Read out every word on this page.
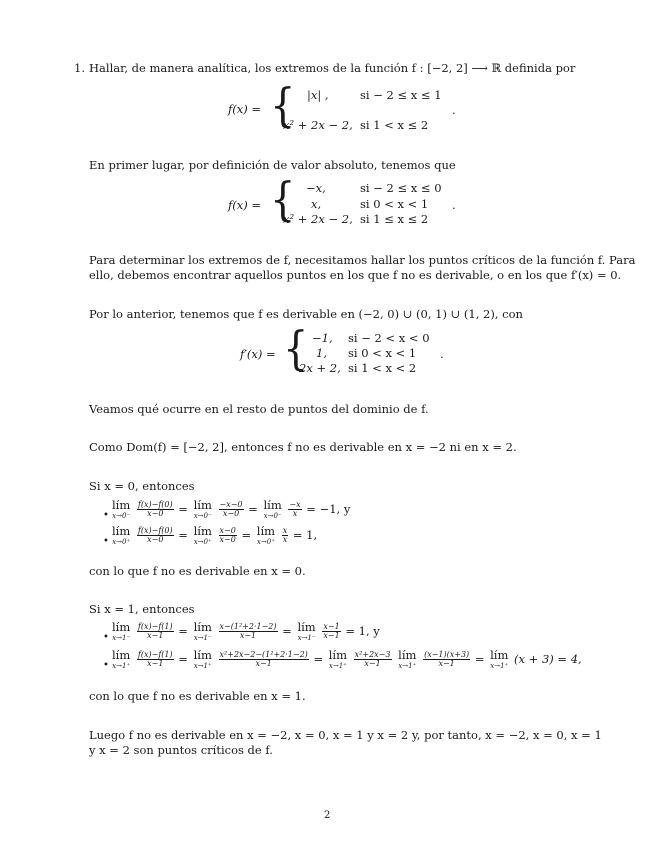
1. Hallar, de manera analítica, los extremos de la función f : [−2, 2] ⟶ ℝ definida por
f(x) = { |x| ,	si − 2 ≤ x ≤ 1
x² + 2x − 2, si 1 < x ≤ 2
.
En primer lugar, por definición de valor absoluto, tenemos que
f(x) = { −x,	si − 2 ≤ x ≤ 0
x,	si 0 < x < 1
x² + 2x − 2, si 1 ≤ x ≤ 2
.
Para determinar los extremos de f, necesitamos hallar los puntos críticos de la función f. Para
ello, debemos encontrar aquellos puntos en los que f no es derivable, o en los que f′(x) = 0.
Por lo anterior, tenemos que f es derivable en (−2, 0) ∪ (0, 1) ∪ (1, 2), con
f′(x) = { −1, si − 2 < x < 0
1, si 0 < x < 1
2x + 2, si 1 < x < 2
.
Veamos qué ocurre en el resto de puntos del dominio de f.
Como Dom(f) = [−2, 2], entonces f no es derivable en x = −2 ni en x = 2.
Si x = 0, entonces
•
lím
x→0⁻
$\frac{f(x)-f(0)}{x-0}$ = lím
x→0⁻
$\frac{-x-0}{x-0}$ = lím
x→0⁻
$\frac{-x}{x} = -1$, y
•
lím
x→0⁺
$\frac{f(x)-f(0)}{x-0}$ = lím
x→0⁺
$\frac{x-0}{x-0}$ = lím
x→0⁺
$\frac{x}{x} = 1$,
con lo que f no es derivable en x = 0.
Si x = 1, entonces
•
lím
x→1⁻
$\frac{f(x)-f(1)}{x-1}$ = lím
x→1⁻
$\frac{\text{x−(1²+2·1−2)}}{x-1}$ = lím
x→1⁻
$\frac{x-1}{x-1} = 1$, y
•
lím
x→1⁺
$\frac{f(x)-f(1)}{x-1}$ = lím
x→1⁺
$\frac{\text{x²+2x−2−(1²+2·1−2)}}{x-1}$ = lím
x→1⁺
$\frac{\text{x²+2x−3}}{x-1}$
lím
x→1⁺
$\frac{(x-1)(x+3)}{x-1}$ = lím
x→1⁺ (x + 3) = 4,
con lo que f no es derivable en x = 1.
Luego f no es derivable en x = −2, x = 0, x = 1 y x = 2 y, por tanto, x = −2, x = 0, x = 1
y x = 2 son puntos críticos de f.
2
